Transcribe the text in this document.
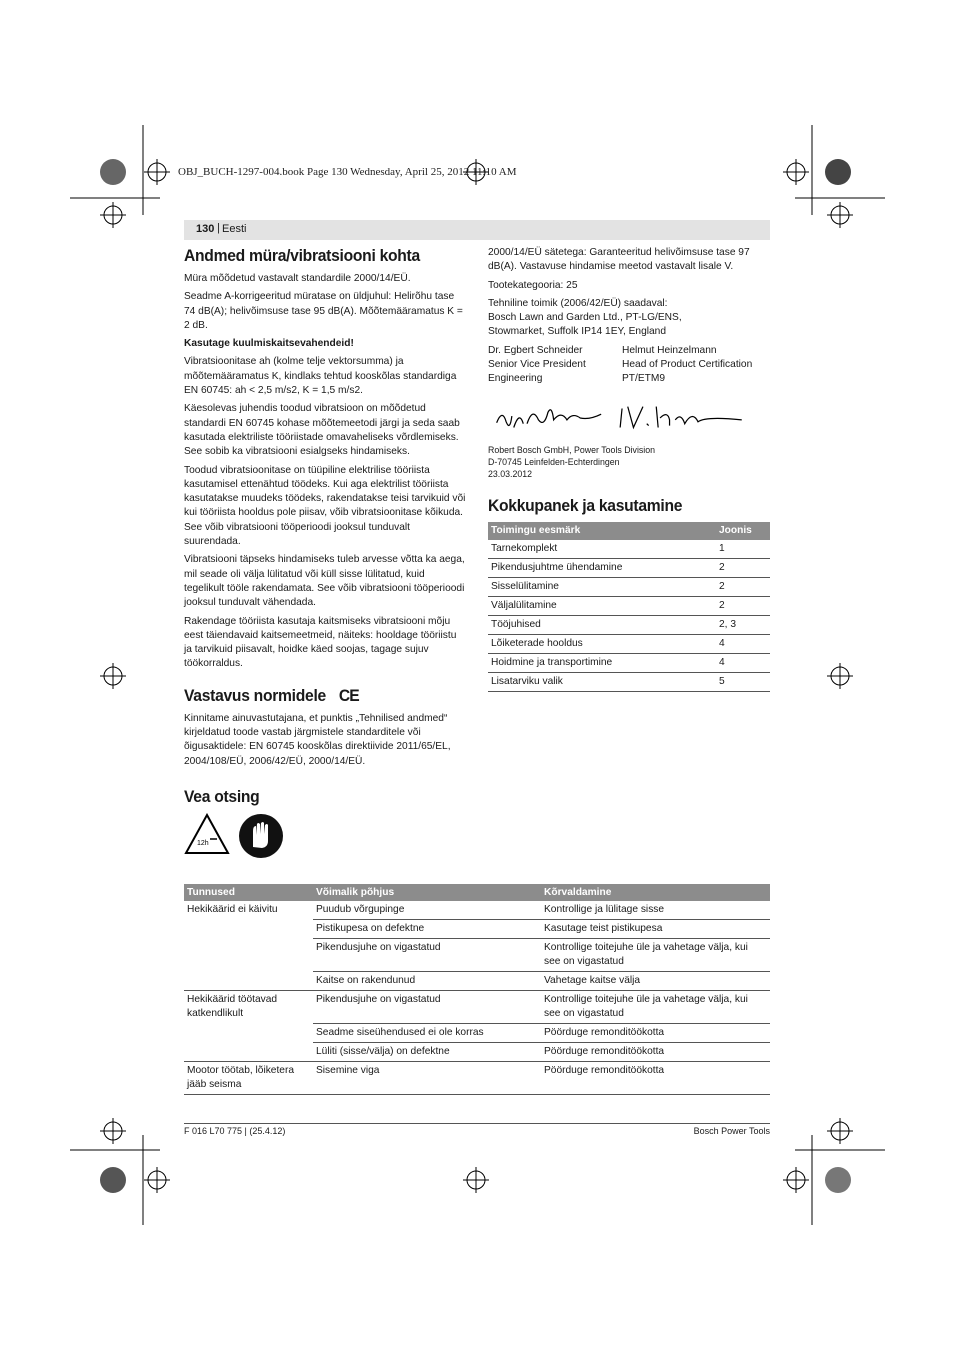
OBJ_BUCH-1297-004.book Page 130 Wednesday, April 25, 2012 11:10 AM
130 | Eesti
Andmed müra/vibratsiooni kohta

Müra mõõdetud vastavalt standardile 2000/14/EÜ.

Seadme A-korrigeeritud müratase on üldjuhul: Helirõhu tase 74 dB(A); helivõimsuse tase 95 dB(A). Mõõtemääramatus K = 2 dB.

Kasutage kuulmiskaitsevahendeid!

Vibratsioonitase ah (kolme telje vektorsumma) ja mõõtemääramatus K, kindlaks tehtud kooskõlas standardiga EN 60745: ah < 2,5 m/s2, K = 1,5 m/s2.

Käesolevas juhendis toodud vibratsioon on mõõdetud standardi EN 60745 kohase mõõtemeetodi järgi ja seda saab kasutada elektriliste tööriistade omavaheliseks võrdlemiseks. See sobib ka vibratsiooni esialgseks hindamiseks.

Toodud vibratsioonitase on tüüpiline elektrilise tööriista kasutamisel ettenähtud töödeks. Kui aga elektrilist tööriista kasutatakse muudeks töödeks, rakendatakse teisi tarvikuid või kui tööriista hooldus pole piisav, võib vibratsioonitase kõikuda. See võib vibratsiooni tööperioodi jooksul tunduvalt suurendada.

Vibratsiooni täpseks hindamiseks tuleb arvesse võtta ka aega, mil seade oli välja lülitatud või küll sisse lülitatud, kuid tegelikult tööle rakendamata. See võib vibratsiooni tööperioodi jooksul tunduvalt vähendada.

Rakendage tööriista kasutaja kaitsmiseks vibratsiooni mõju eest täiendavaid kaitsemeetmeid, näiteks: hooldage tööriistu ja tarvikuid piisavalt, hoidke käed soojas, tagage sujuv töökorraldus.

Vastavus normidele CE

Kinnitame ainuvastutajana, et punktis „Tehnilised andmed“ kirjeldatud toode vastab järgmistele standarditele või õigusaktidele: EN 60745 kooskõlas direktiivide 2011/65/EL, 2004/108/EÜ, 2006/42/EÜ, 2000/14/EÜ.

Vea otsing
12h

2000/14/EÜ sätetega: Garanteeritud helivõimsuse tase 97 dB(A). Vastavuse hindamise meetod vastavalt lisale V.

Tootekategooria: 25

Tehniline toimik (2006/42/EÜ) saadaval:
Bosch Lawn and Garden Ltd., PT-LG/ENS,
Stowmarket, Suffolk IP14 1EY, England

Dr. Egbert Schneider
Senior Vice President
Engineering

Helmut Heinzelmann
Head of Product Certification
PT/ETM9

Robert Bosch GmbH, Power Tools Division

D-70745 Leinfelden-Echterdingen

23.03.2012

Kokkupanek ja kasutamine
Toimingu eesmärk	Joonis
Tarnekomplekt	1
Pikendusjuhtme ühendamine	2
Sisselülitamine	2
Väljalülitamine	2
Tööjuhised	2, 3
Lõiketerade hooldus	4
Hoidmine ja transportimine	4
Lisatarviku valik	5
Tunnused	Võimalik põhjus	Kõrvaldamine
Hekikäärid ei käivitu	Puudub võrgupinge	Kontrollige ja lülitage sisse
	Pistikupesa on defektne	Kasutage teist pistikupesa
	Pikendusjuhe on vigastatud	Kontrollige toitejuhe üle ja vahetage välja, kui see on vigastatud
	Kaitse on rakendunud	Vahetage kaitse välja
Hekikäärid töötavad katkendlikult	Pikendusjuhe on vigastatud	Kontrollige toitejuhe üle ja vahetage välja, kui see on vigastatud
	Seadme siseühendused ei ole korras	Pöörduge remonditöökotta
	Lüliti (sisse/välja) on defektne	Pöörduge remonditöökotta
Mootor töötab, lõiketera jääb seisma	Sisemine viga	Pöörduge remonditöökotta
F 016 L70 775 | (25.4.12)	Bosch Power Tools
